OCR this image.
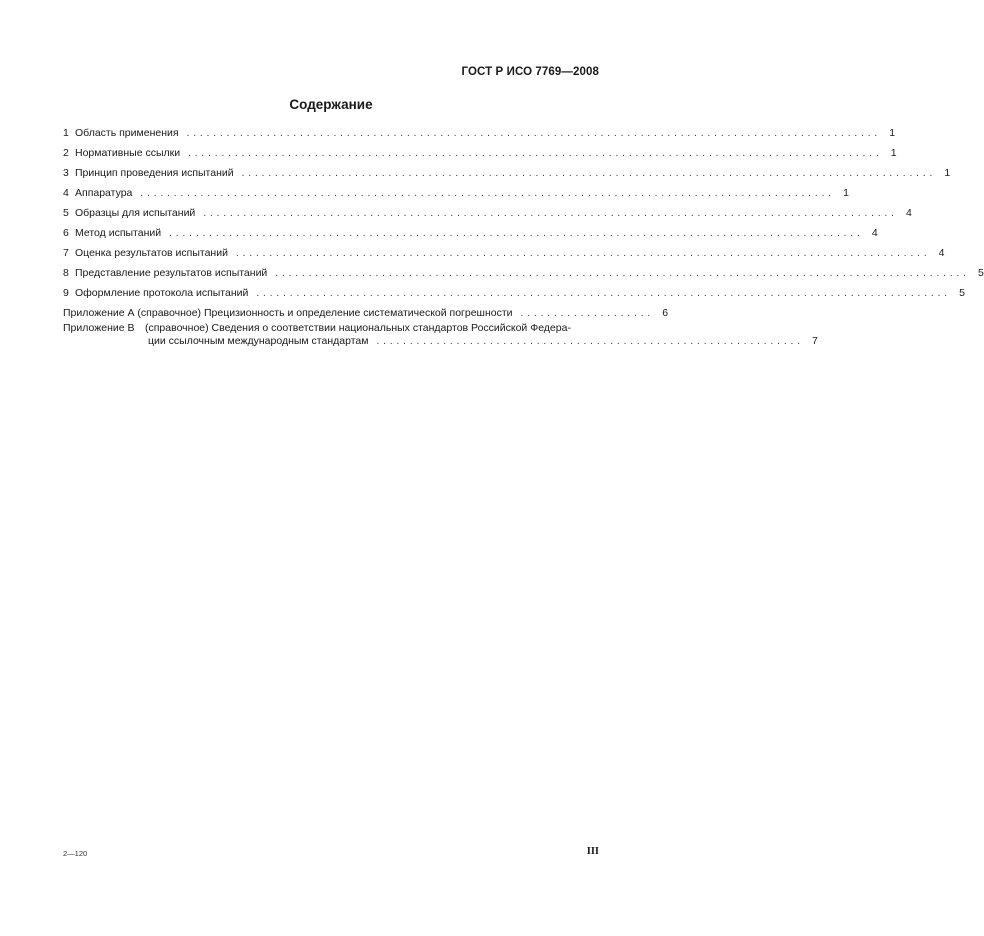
ГОСТ Р ИСО 7769—2008
Содержание
1 Область применения ........................................................................................................ 1
2 Нормативные ссылки ........................................................................................................ 1
3 Принцип проведения испытаний ........................................................................................................ 1
4 Аппаратура ........................................................................................................ 1
5 Образцы для испытаний ........................................................................................................ 4
6 Метод испытаний ........................................................................................................ 4
7 Оценка результатов испытаний ........................................................................................................ 4
8 Представление результатов испытаний ........................................................................................................ 5
9 Оформление протокола испытаний ........................................................................................................ 5
Приложение А (справочное) Прецизионность и определение систематической погрешности .................... 6
Приложение В (справочное) Сведения о соответствии национальных стандартов Российской Федера-
ции ссылочным международным стандартам ................................................................ 7
2—120	III
